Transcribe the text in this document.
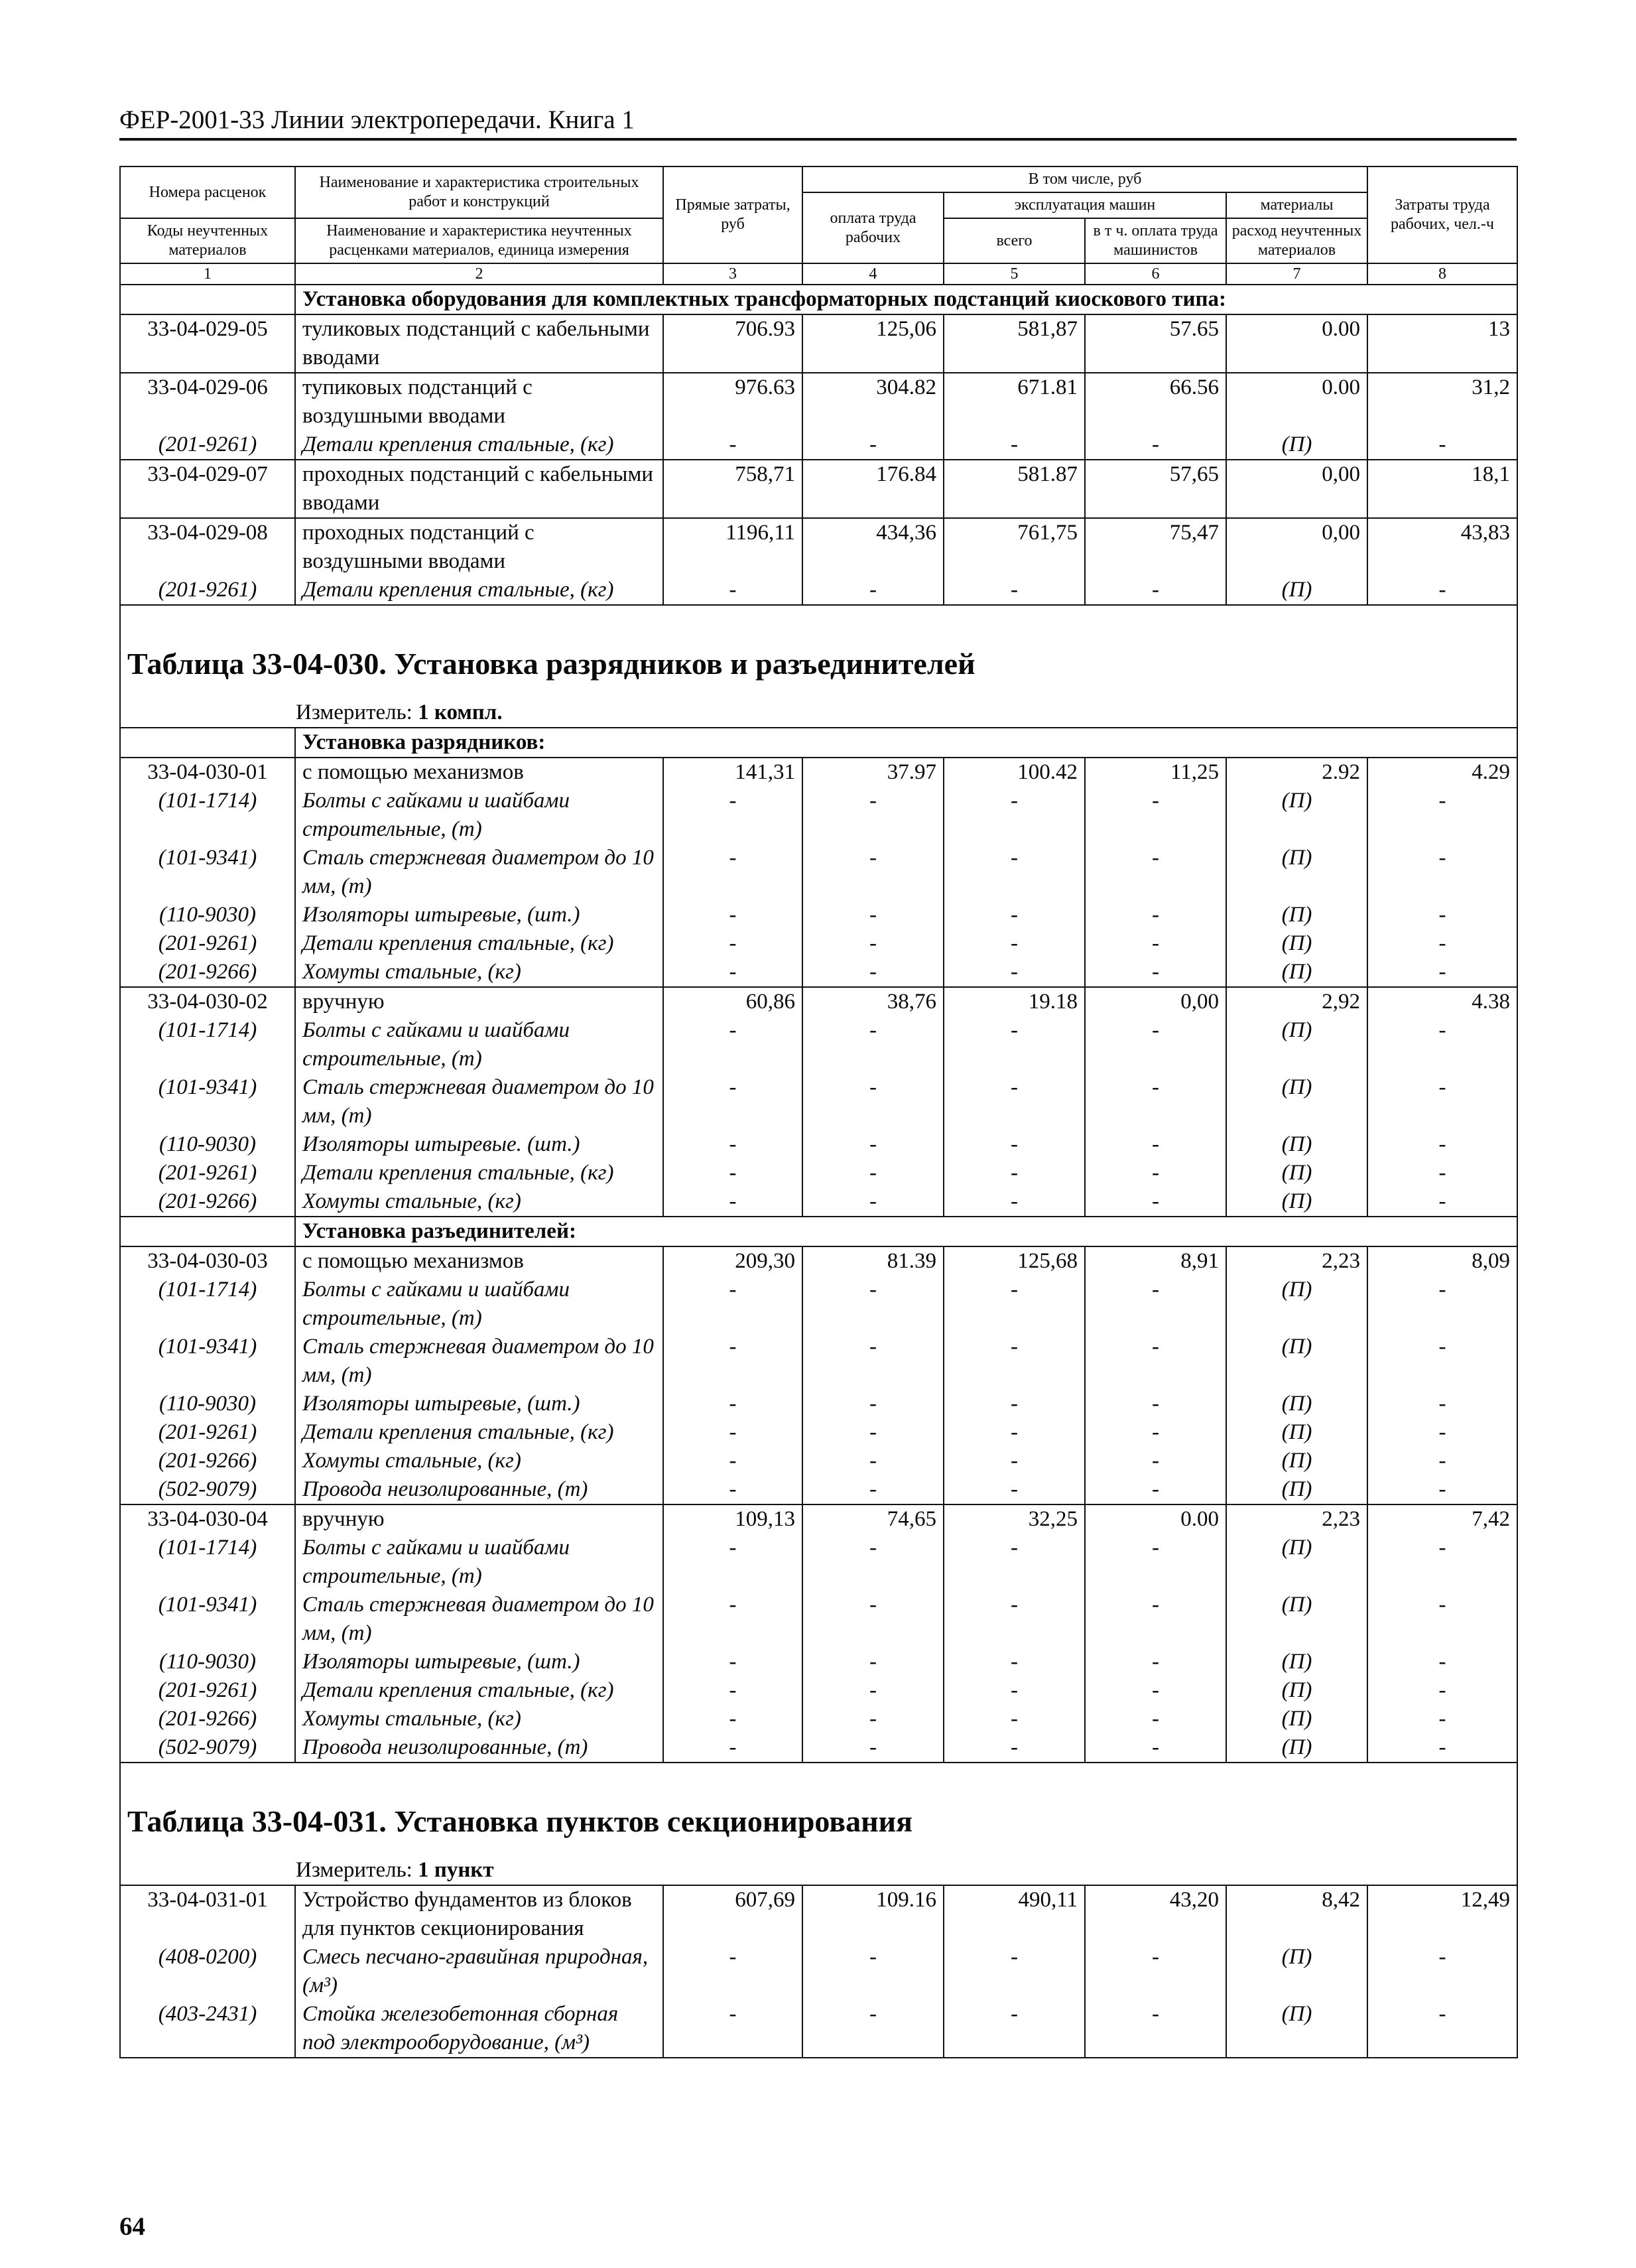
ФЕР-2001-33 Линии электропередачи. Книга 1
Номера расценок	Наименование и характеристика строительных работ и конструкций	Прямые затраты, руб	В том числе, руб				Затраты труда рабочих, чел.-ч
			оплата труда рабочих	эксплуатация машин		материалы	
				всего	в т ч. оплата труда машинистов	расход неучтенных материалов	
Коды неучтенных материалов	Наименование и характеристика неучтенных расценками материалов, единица измерения						

1	2	3	4	5	6	7	8
	Установка оборудования для комплектных трансформаторных подстанций киоскового типа:						
33-04-029-05	туликовых подстанций с кабельными вводами	706.93	125,06	581,87	57.65	0.00	13
33-04-029-06	тупиковых подстанций с воздушными вводами	976.63	304.82	671.81	66.56	0.00	31,2
(201-9261)	Детали крепления стальные, (кг)	-	-	-	-	(П)	-
33-04-029-07	проходных подстанций с кабельными вводами	758,71	176.84	581.87	57,65	0,00	18,1
33-04-029-08	проходных подстанций с воздушными вводами	1196,11	434,36	761,75	75,47	0,00	43,83
(201-9261)	Детали крепления стальные, (кг)	-	-	-	-	(П)	-
Таблица 33-04-030. Установка разрядников и разъединителей							
Измеритель: 1 компл.							
	Установка разрядников:						
33-04-030-01	с помощью механизмов	141,31	37.97	100.42	11,25	2.92	4.29
(101-1714)	Болты с гайками и шайбами строительные, (т)	-	-	-	-	(П)	-
(101-9341)	Сталь стержневая диаметром до 10 мм, (т)	-	-	-	-	(П)	-
(110-9030)	Изоляторы штыревые, (шт.)	-	-	-	-	(П)	-
(201-9261)	Детали крепления стальные, (кг)	-	-	-	-	(П)	-
(201-9266)	Хомуты стальные, (кг)	-	-	-	-	(П)	-
33-04-030-02	вручную	60,86	38,76	19.18	0,00	2,92	4.38
(101-1714)	Болты с гайками и шайбами строительные, (т)	-	-	-	-	(П)	-
(101-9341)	Сталь стержневая диаметром до 10 мм, (т)	-	-	-	-	(П)	-
(110-9030)	Изоляторы штыревые. (шт.)	-	-	-	-	(П)	-
(201-9261)	Детали крепления стальные, (кг)	-	-	-	-	(П)	-
(201-9266)	Хомуты стальные, (кг)	-	-	-	-	(П)	-
	Установка разъединителей:						
33-04-030-03	с помощью механизмов	209,30	81.39	125,68	8,91	2,23	8,09
(101-1714)	Болты с гайками и шайбами строительные, (т)	-	-	-	-	(П)	-
(101-9341)	Сталь стержневая диаметром до 10 мм, (т)	-	-	-	-	(П)	-
(110-9030)	Изоляторы штыревые, (шт.)	-	-	-	-	(П)	-
(201-9261)	Детали крепления стальные, (кг)	-	-	-	-	(П)	-
(201-9266)	Хомуты стальные, (кг)	-	-	-	-	(П)	-
(502-9079)	Провода неизолированные, (т)	-	-	-	-	(П)	-
33-04-030-04	вручную	109,13	74,65	32,25	0.00	2,23	7,42
(101-1714)	Болты с гайками и шайбами строительные, (т)	-	-	-	-	(П)	-
(101-9341)	Сталь стержневая диаметром до 10 мм, (т)	-	-	-	-	(П)	-
(110-9030)	Изоляторы штыревые, (шт.)	-	-	-	-	(П)	-
(201-9261)	Детали крепления стальные, (кг)	-	-	-	-	(П)	-
(201-9266)	Хомуты стальные, (кг)	-	-	-	-	(П)	-
(502-9079)	Провода неизолированные, (т)	-	-	-	-	(П)	-
Таблица 33-04-031. Установка пунктов секционирования							
Измеритель: 1 пункт							
33-04-031-01	Устройство фундаментов из блоков для пунктов секционирования	607,69	109.16	490,11	43,20	8,42	12,49
(408-0200)	Смесь песчано-гравийная природная, (м³)	-	-	-	-	(П)	-
(403-2431)	Стойка железобетонная сборная под электрооборудование, (м³)	-	-	-	-	(П)	-
64
